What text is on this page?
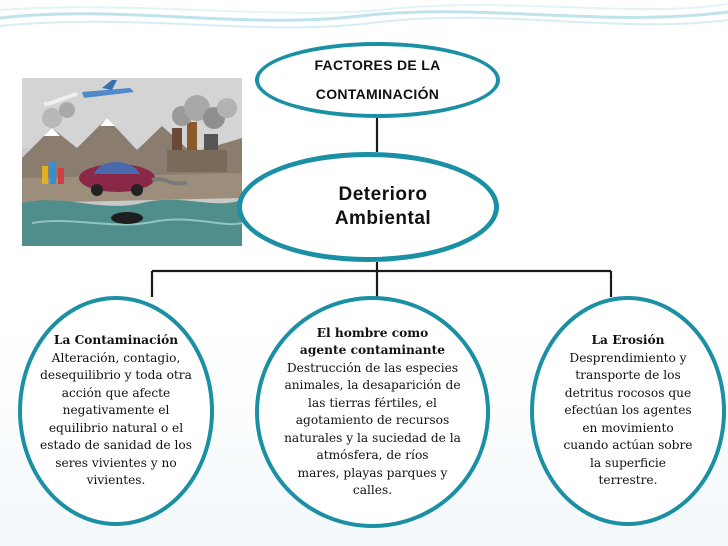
FACTORES DE LA
CONTAMINACIÓN
Deterioro
Ambiental
La Contaminación
Alteración, contagio,
desequilibrio y toda otra
acción que afecte
negativamente el
equilibrio natural o el
estado de sanidad de los
seres vivientes y no
vivientes.
El hombre como
agente contaminante
Destrucción de las especies
animales, la desaparición de
las tierras fértiles, el
agotamiento de recursos
naturales y la suciedad de la
atmósfera, de ríos
mares, playas parques y
calles.
La Erosión
Desprendimiento y
transporte de los
detritus rocosos que
efectúan los agentes
en movimiento
cuando actúan sobre
la superficie
terrestre.
